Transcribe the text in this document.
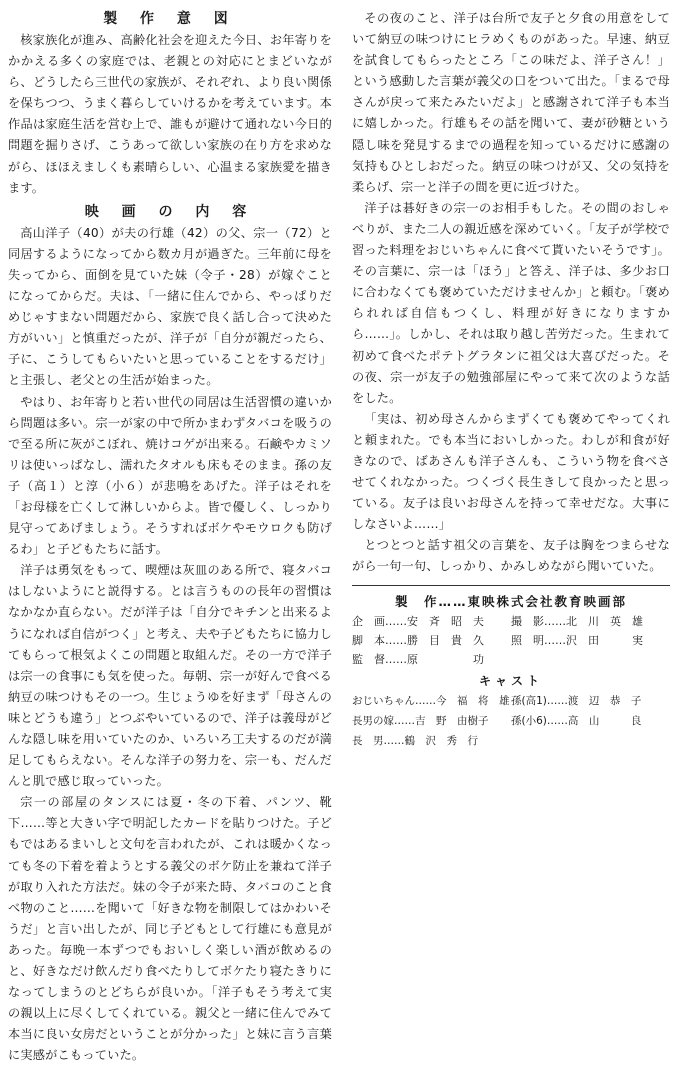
製 作 意 図

核家族化が進み、高齢化社会を迎えた今日、お年寄りをかかえる多くの家庭では、老親との対応にとまどいながら、どうしたら三世代の家族が、それぞれ、より良い関係を保ちつつ、うまく暮らしていけるかを考えています。本作品は家庭生活を営む上で、誰もが避けて通れない今日的問題を掘りさげ、こうあって欲しい家族の在り方を求めながら、ほほえましくも素晴らしい、心温まる家族愛を描きます。

映 画 の 内 容

高山洋子（40）が夫の行雄（42）の父、宗一（72）と同居するようになってから数カ月が過ぎた。三年前に母を失ってから、面倒を見ていた妹（令子・28）が嫁ぐことになってからだ。夫は、「一緒に住んでから、やっぱりだめじゃすまない問題だから、家族で良く話し合って決めた方がいい」と慎重だったが、洋子が「自分が親だったら、子に、こうしてもらいたいと思っていることをするだけ」と主張し、老父との生活が始まった。

やはり、お年寄りと若い世代の同居は生活習慣の違いから問題は多い。宗一が家の中で所かまわずタバコを吸うので至る所に灰がこぼれ、焼けコゲが出来る。石鹸やカミソリは使いっぱなし、濡れたタオルも床もそのまま。孫の友子（高１）と淳（小６）が悲鳴をあげた。洋子はそれを「お母様を亡くして淋しいからよ。皆で優しく、しっかり見守ってあげましょう。そうすればボケやモウロクも防げるわ」と子どもたちに話す。

洋子は勇気をもって、喫煙は灰皿のある所で、寝タバコはしないようにと説得する。とは言うものの長年の習慣はなかなか直らない。だが洋子は「自分でキチンと出来るようになれば自信がつく」と考え、夫や子どもたちに協力してもらって根気よくこの問題と取組んだ。その一方で洋子は宗一の食事にも気を使った。毎朝、宗一が好んで食べる納豆の味つけもその一つ。生じょうゆを好まず「母さんの味とどうも違う」とつぶやいているので、洋子は義母がどんな隠し味を用いていたのか、いろいろ工夫するのだが満足してもらえない。そんな洋子の努力を、宗一も、だんだんと肌で感じ取っていった。

宗一の部屋のタンスには夏・冬の下着、パンツ、靴下……等と大きい字で明記したカードを貼りつけた。子どもではあるまいしと文句を言われたが、これは暖かくなっても冬の下着を着ようとする義父のボケ防止を兼ねて洋子が取り入れた方法だ。妹の令子が来た時、タバコのこと食べ物のこと……を聞いて「好きな物を制限してはかわいそうだ」と言い出したが、同じ子どもとして行雄にも意見があった。毎晩一本ずつでもおいしく楽しい酒が飲めるのと、好きなだけ飲んだり食べたりしてボケたり寝たきりになってしまうのとどちらが良いか。「洋子もそう考えて実の親以上に尽くしてくれている。親父と一緒に住んでみて本当に良い女房だということが分かった」と妹に言う言葉に実感がこもっていた。

その夜のこと、洋子は台所で友子と夕食の用意をしていて納豆の味つけにヒラめくものがあった。早速、納豆を試食してもらったところ「この味だよ、洋子さん！」という感動した言葉が義父の口をついて出た。「まるで母さんが戻って来たみたいだよ」と感謝されて洋子も本当に嬉しかった。行雄もその話を聞いて、妻が砂糖という隠し味を発見するまでの過程を知っているだけに感謝の気持もひとしおだった。納豆の味つけが又、父の気持を柔らげ、宗一と洋子の間を更に近づけた。

洋子は碁好きの宗一のお相手もした。その間のおしゃべりが、また二人の親近感を深めていく。「友子が学校で習った料理をおじいちゃんに食べて貰いたいそうです」。その言葉に、宗一は「ほう」と答え、洋子は、多少お口に合わなくても褒めていただけませんか」と頼む。「褒められれば自信もつくし、料理が好きになりますから……」。しかし、それは取り越し苦労だった。生まれて初めて食べたポテトグラタンに祖父は大喜びだった。その夜、宗一が友子の勉強部屋にやって来て次のような話をした。

「実は、初め母さんからまずくても褒めてやってくれと頼まれた。でも本当においしかった。わしが和食が好きなので、ばあさんも洋子さんも、こういう物を食べさせてくれなかった。つくづく長生きして良かったと思っている。友子は良いお母さんを持って幸せだな。大事にしなさいよ……」

とつとつと話す祖父の言葉を、友子は胸をつまらせながら一句一句、しっかり、かみしめながら聞いていた。

製　作……東映株式会社教育映画部

企　画……安　斉　昭　夫	撮　影……北　川　英　雄
脚　本……勝　目　貴　久	照　明……沢　田　　　実
監　督……原　　　　　功

キャスト

おじいちゃん……今　福　将　雄 孫(高1)……渡　辺　恭　子
長男の嫁……吉　野　由樹子	孫(小6)……高　山　　　良
長　男……鶴　沢　秀　行
